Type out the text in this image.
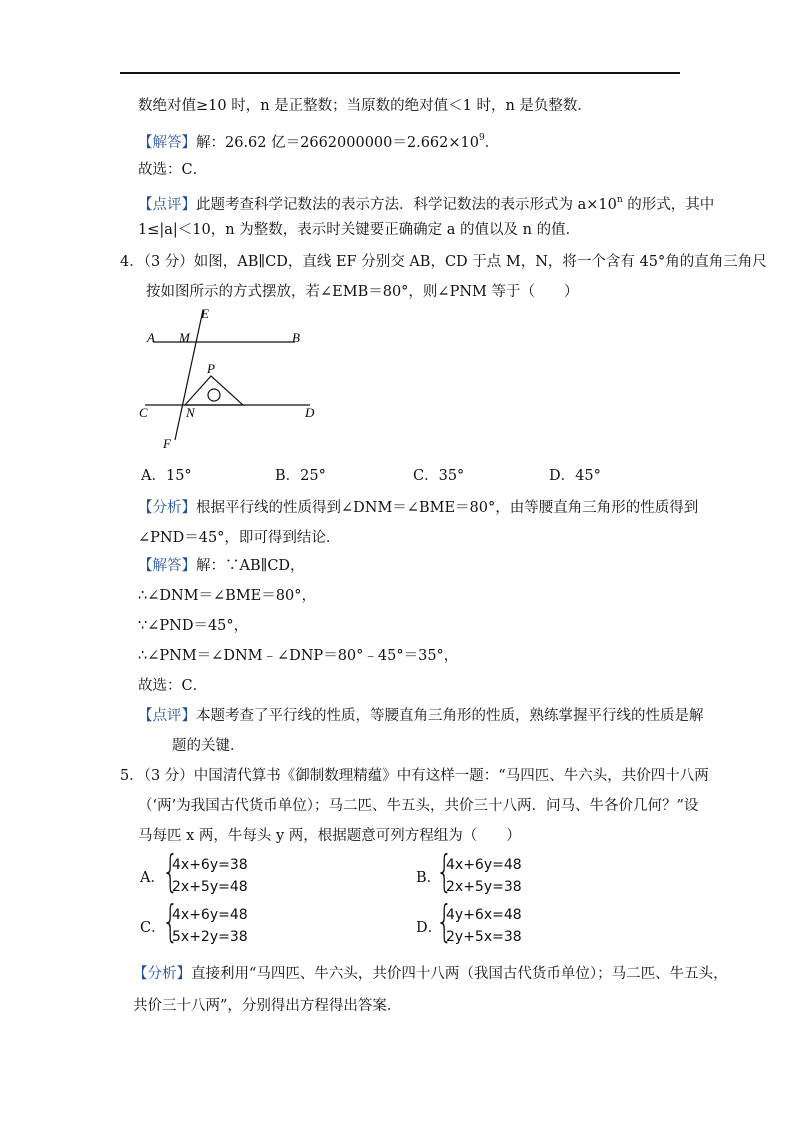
数绝对值≥10 时，n 是正整数；当原数的绝对值＜1 时，n 是负整数．
【解答】解：26.62 亿$=2662000000=2.662\times 10^9$．
故选：C．
【点评】此题考查科学记数法的表示方法．科学记数法的表示形式为 $a\times 10^n$ 的形式，其中
1≤|a|＜10，n 为整数，表示时关键要正确确定 a 的值以及 n 的值．
4．（3 分）如图，AB∥CD，直线 EF 分别交 AB，CD 于点 M，N，将一个含有 45°角的直角三角尺
按如图所示的方式摆放，若∠EMB＝80°，则∠PNM 等于（　　）
A M
E
B
P
C	N	D
F
A．15°	B．25°	C．35°	D．45°
【分析】根据平行线的性质得到∠DNM＝∠BME＝80°，由等腰直角三角形的性质得到
∠PND＝45°，即可得到结论．
【解答】解：∵AB∥CD，
∴∠DNM＝∠BME＝80°，
∵∠PND＝45°，
∴∠PNM＝∠DNM﹣∠DNP＝80°﹣45°＝35°，
故选：C．
【点评】本题考查了平行线的性质，等腰直角三角形的性质，熟练掌握平行线的性质是解
题的关键．
5．（3 分）中国清代算书《御制数理精蕴》中有这样一题：“马四匹、牛六头，共价四十八两
（‘两’为我国古代货币单位）；马二匹、牛五头，共价三十八两．问马、牛各价几何？”设
马每匹 x 两，牛每头 y 两，根据题意可列方程组为（　　）
A．
{
4x+6y=38
2x+5y=48
B．
{
4x+6y=48
2x+5y=38
C．
{
4x+6y=48
5x+2y=38
D．
{
4y+6x=48
2y+5x=38
【分析】直接利用“马四匹、牛六头，共价四十八两（我国古代货币单位）；马二匹、牛五头，
共价三十八两”，分别得出方程得出答案．
